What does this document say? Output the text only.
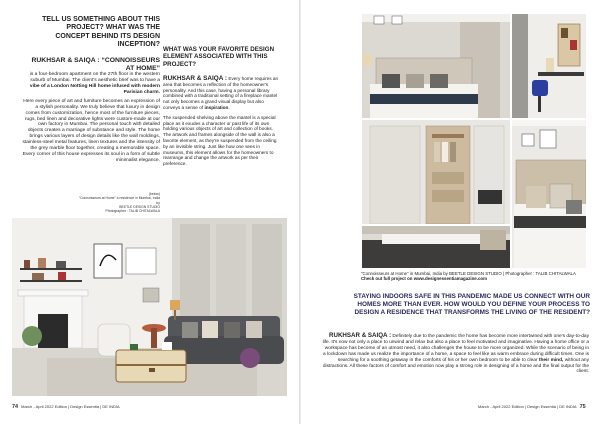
TELL US SOMETHING ABOUT THIS PROJECT? WHAT WAS THE CONCEPT BEHIND ITS DESIGN INCEPTION?
RUKHSAR & SAIQA : “CONNOISSEURS AT HOME”
is a four-bedroom apartment on the 27th floor in the western suburb of Mumbai. The client's aesthetic brief was to have a vibe of a London Notting Hill home infused with modern Parisian charm.

Here every piece of art and furniture becomes an expression of a stylish personality. We truly believe that luxury in design comes from customization, hence most of the furniture pieces, rugs, bed linen and decorative lights were custom-made at our own factory in Mumbai. The personal touch with detailed objects creates a marriage of substance and style. The home brings various layers of design details like the wall moldings, stainless-steel metal features, linen textures and the intensity of the grey marble floor together, creating a memorable space. Every corner of this house expresses its soul in a form of subtle minimalist elegance.

(below)
“Connoisseurs at Home” a residence in Mumbai, India by
BEETLE DESIGN STUDIO
Photographer : TALIB CHITALWALA
WHAT WAS YOUR FAVORITE DESIGN ELEMENT ASSOCIATED WITH THIS PROJECT?

RUKHSAR & SAIQA : Every home requires an area that becomes a reflection of the homeowner's personality. And this case, having a personal library combined with a traditional setting of a fireplace mantel not only becomes a grand visual display but also conveys a sense of inspiration.

The suspended shelving above the mantel is a special place as it exudes a character or past life of its own holding various objects of art and collection of books. The artwork and frames alongside of the wall is also a favorite element, as they're suspended from the ceiling by an invisible string. Just like how one sees in museums, this element allows for the homeowners to rearrange and change the artwork as per their preference.

74 March - April 2022 Edition | Design Essentia | DE INDIA
“Connoisseurs at Home” in Mumbai, India by BEETLE DESIGN STUDIO | Photographer : TALIB CHITALWALA
Check out full project on www.designessentiamagazine.com
STAYING INDOORS SAFE IN THIS PANDEMIC MADE US CONNECT WITH OUR HOMES MORE THAN EVER. HOW WOULD YOU DEFINE YOUR PROCESS TO DESIGN A RESIDENCE THAT TRANSFORMS THE LIVING OF THE RESIDENT?
RUKHSAR & SAIQA : Definitely due to the pandemic the home has become more intertwined with one's day-to-day life. It's now not only a place to unwind and relax but also a place to feel motivated and imaginative. Having a home office or a workspace has become of an utmost need, it also challenges the house to be more organized. While the scenario of being in a lockdown has made us realize the importance of a home, a space to feel like as warm embrace during difficult times. One is searching for a soothing getaway in the comforts of his or her own bedroom to be able to clear their mind, without any distractions. All these factors of comfort and emotion now play a strong role in designing of a home and the final output for the client.
March - April 2022 Edition | Design Essentia | DE INDIA 75
